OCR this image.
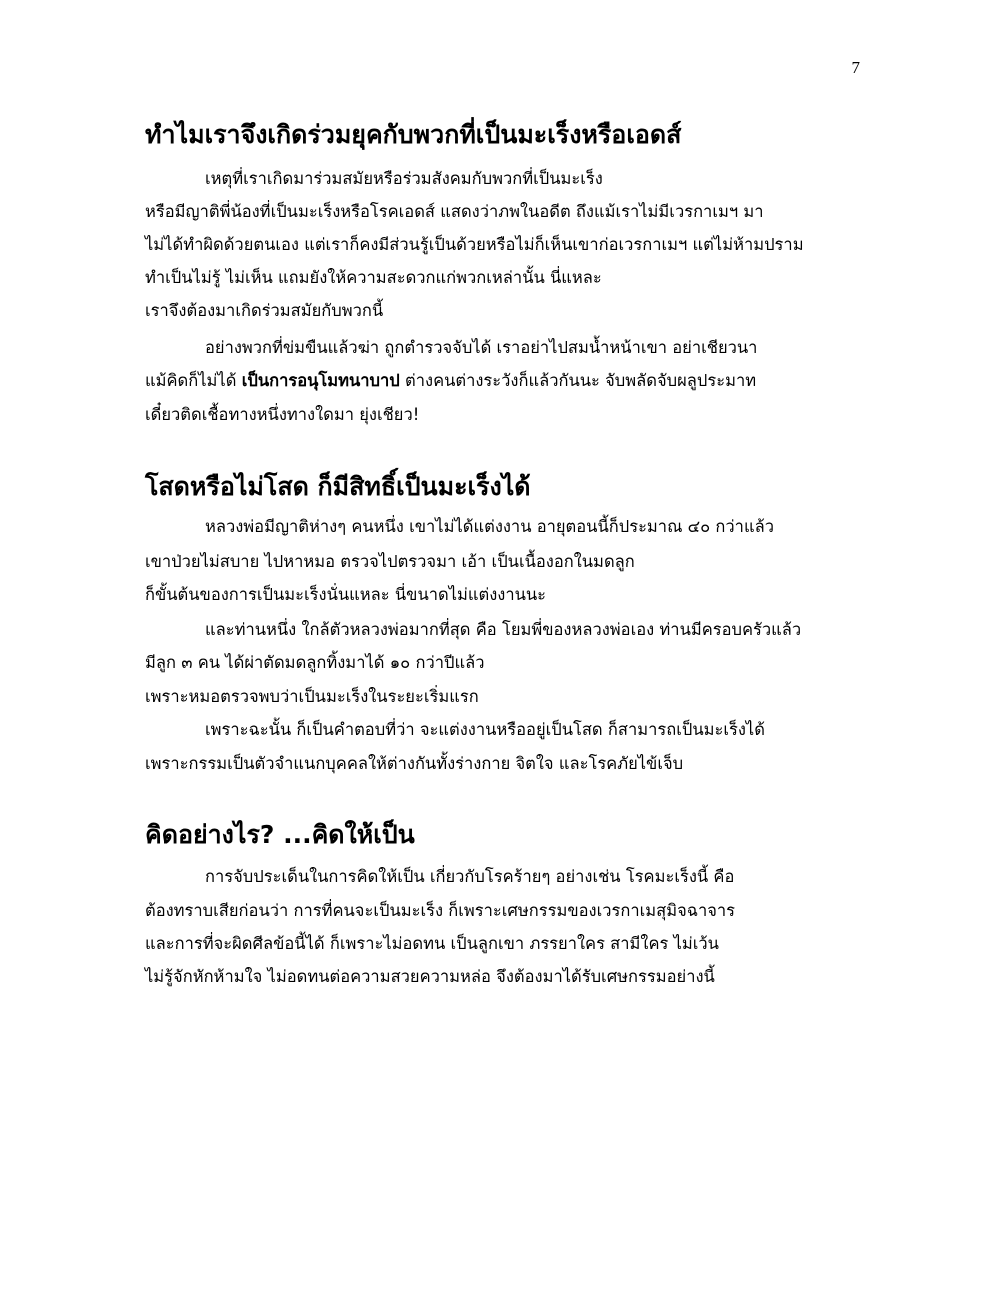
7
ทำไมเราจึงเกิดร่วมยุคกับพวกที่เป็นมะเร็งหรือเอดส์

เหตุที่เราเกิดมาร่วมสมัยหรือร่วมสังคมกับพวกที่เป็นมะเร็ง

หรือมีญาติพี่น้องที่เป็นมะเร็งหรือโรคเอดส์ แสดงว่าภพในอดีต ถึงแม้เราไม่มีเวรกาเมฯ มา

ไม่ได้ทำผิดด้วยตนเอง แต่เราก็คงมีส่วนรู้เป็นด้วยหรือไม่ก็เห็นเขาก่อเวรกาเมฯ แต่ไม่ห้ามปราม

ทำเป็นไม่รู้ ไม่เห็น แถมยังให้ความสะดวกแก่พวกเหล่านั้น นี่แหละ

เราจึงต้องมาเกิดร่วมสมัยกับพวกนี้

อย่างพวกที่ข่มขืนแล้วฆ่า ถูกตำรวจจับได้ เราอย่าไปสมน้ำหน้าเขา อย่าเชียวนา

แม้คิดก็ไม่ได้ เป็นการอนุโมทนาบาป ต่างคนต่างระวังก็แล้วกันนะ จับพลัดจับผลูประมาท

เดี๋ยวติดเชื้อทางหนึ่งทางใดมา ยุ่งเชียว!

โสดหรือไม่โสด ก็มีสิทธิ์เป็นมะเร็งได้

หลวงพ่อมีญาติห่างๆ คนหนึ่ง เขาไม่ได้แต่งงาน อายุตอนนี้ก็ประมาณ ๔๐ กว่าแล้ว

เขาป่วยไม่สบาย ไปหาหมอ ตรวจไปตรวจมา เอ้า เป็นเนื้องอกในมดลูก

ก็ขั้นต้นของการเป็นมะเร็งนั่นแหละ นี่ขนาดไม่แต่งงานนะ

และท่านหนึ่ง ใกล้ตัวหลวงพ่อมากที่สุด คือ โยมพี่ของหลวงพ่อเอง ท่านมีครอบครัวแล้ว

มีลูก ๓ คน ได้ผ่าตัดมดลูกทิ้งมาได้ ๑๐ กว่าปีแล้ว

เพราะหมอตรวจพบว่าเป็นมะเร็งในระยะเริ่มแรก

เพราะฉะนั้น ก็เป็นคำตอบที่ว่า จะแต่งงานหรืออยู่เป็นโสด ก็สามารถเป็นมะเร็งได้

เพราะกรรมเป็นตัวจำแนกบุคคลให้ต่างกันทั้งร่างกาย จิตใจ และโรคภัยไข้เจ็บ

คิดอย่างไร? ...คิดให้เป็น

การจับประเด็นในการคิดให้เป็น เกี่ยวกับโรคร้ายๆ อย่างเช่น โรคมะเร็งนี้ คือ

ต้องทราบเสียก่อนว่า การที่คนจะเป็นมะเร็ง ก็เพราะเศษกรรมของเวรกาเมสุมิจฉาจาร

และการที่จะผิดศีลข้อนี้ได้ ก็เพราะไม่อดทน เป็นลูกเขา ภรรยาใคร สามีใคร ไม่เว้น

ไม่รู้จักหักห้ามใจ ไม่อดทนต่อความสวยความหล่อ จึงต้องมาได้รับเศษกรรมอย่างนี้
